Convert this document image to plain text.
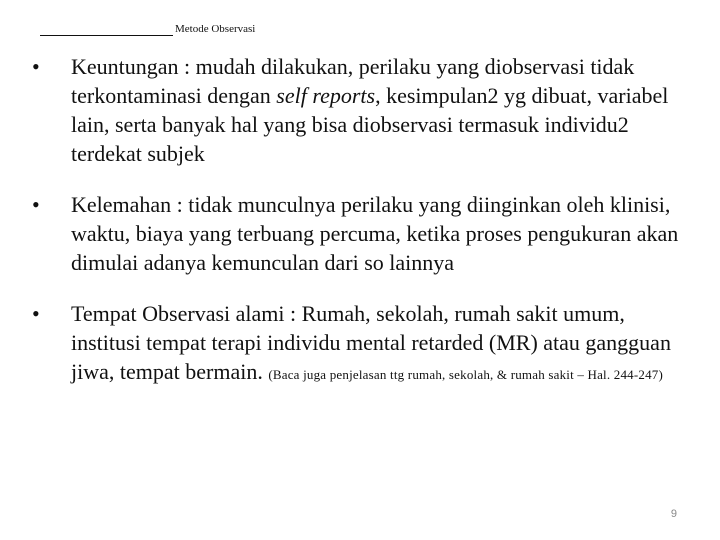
Metode Observasi
• Keuntungan : mudah dilakukan, perilaku yang diobservasi tidak terkontaminasi dengan self reports, kesimpulan2 yg dibuat, variabel lain, serta banyak hal yang bisa diobservasi termasuk individu2 terdekat subjek
• Kelemahan : tidak munculnya perilaku yang diinginkan oleh klinisi, waktu, biaya yang terbuang percuma, ketika proses pengukuran akan dimulai adanya kemunculan dari so lainnya
• Tempat Observasi alami : Rumah, sekolah, rumah sakit umum, institusi tempat terapi individu mental retarded (MR) atau gangguan jiwa, tempat bermain. (Baca juga penjelasan ttg rumah, sekolah, & rumah sakit – Hal. 244-247)
9
